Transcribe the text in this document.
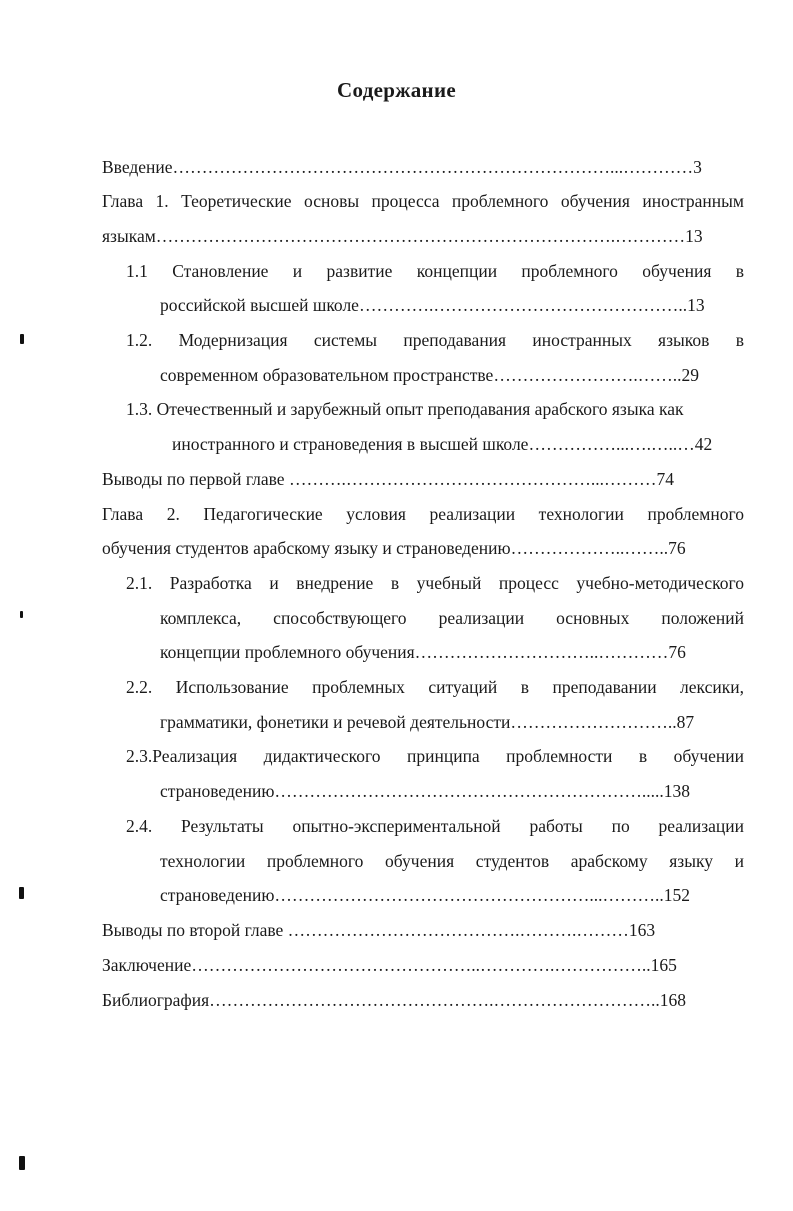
Содержание
Введение…………………………………………………………………...…………3
Глава 1. Теоретические основы процесса проблемного обучения иностранным
языкам…………………………………………………………………….…………13
1.1 Становление и развитие концепции проблемного обучения в
российской высшей школе………….……………………………………..13
1.2. Модернизация системы преподавания иностранных языков в
современном образовательном пространстве…………………….……..29
1.3. Отечественный и зарубежный опыт преподавания арабского языка как
иностранного и страноведения в высшей школе……………...….…..…42
Выводы по первой главе ……….……………………………………...………74
Глава 2. Педагогические условия реализации технологии проблемного
обучения студентов арабскому языку и страноведению………………..……..76
2.1. Разработка и внедрение в учебный процесс учебно-методического
комплекса, способствующего реализации основных положений
концепции проблемного обучения…………………………..…………76
2.2. Использование проблемных ситуаций в преподавании лексики,
грамматики, фонетики и речевой деятельности………………………..87
2.3.Реализация дидактического принципа проблемности в обучении
страноведению……………………………………………………….....138
2.4. Результаты опытно-экспериментальной работы по реализации
технологии проблемного обучения студентов арабскому языку и
страноведению………………………………………………...………..152
Выводы по второй главе ………………………………….……….………163
Заключение…………………………………………..………….……………..165
Библиография………………………………………….………………………..168
